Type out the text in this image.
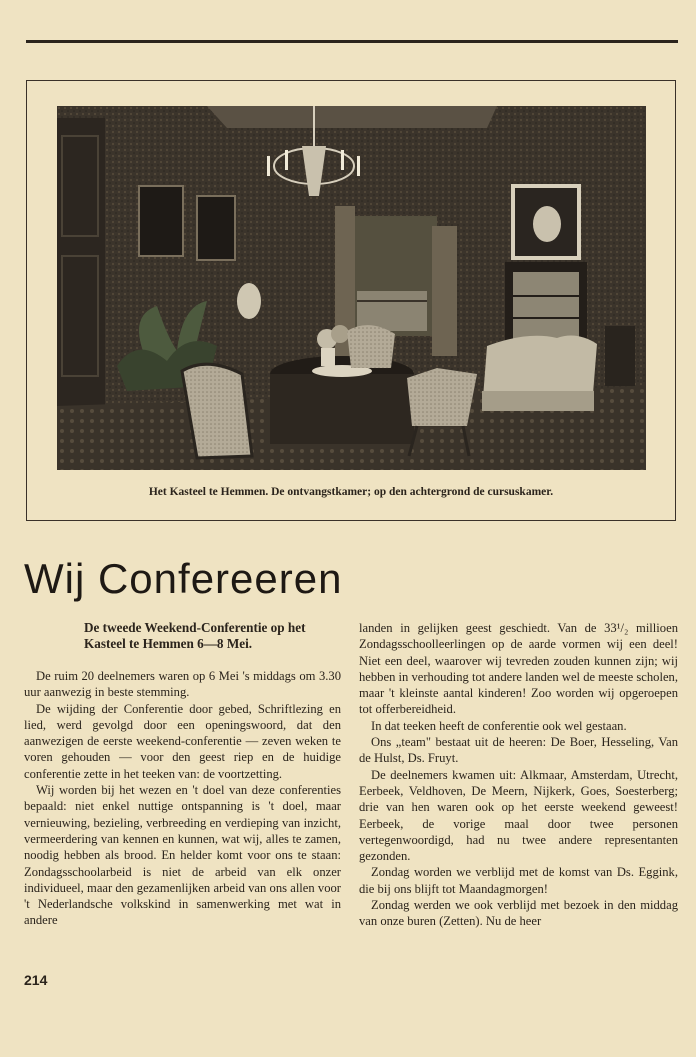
Het Kasteel te Hemmen. De ontvangstkamer; op den achtergrond de cursuskamer.
Wij Confereeren
De tweede Weekend-Conferentie op het Kasteel te Hemmen 6—8 Mei.

De ruim 20 deelnemers waren op 6 Mei 's middags om 3.30 uur aanwezig in beste stemming.

De wijding der Conferentie door gebed, Schriftlezing en lied, werd gevolgd door een openingswoord, dat den aanwezigen de eerste weekend-conferentie — zeven weken te voren gehouden — voor den geest riep en de huidige conferentie zette in het teeken van: de voortzetting.

Wij worden bij het wezen en 't doel van deze conferenties bepaald: niet enkel nuttige ontspanning is 't doel, maar vernieuwing, bezieling, verbreeding en verdieping van inzicht, vermeerdering van kennen en kunnen, wat wij, alles te zamen, noodig hebben als brood. En helder komt voor ons te staan: Zondagsschoolarbeid is niet de arbeid van elk onzer individueel, maar den gezamenlijken arbeid van ons allen voor 't Nederlandsche volkskind in samenwerking met wat in andere

landen in gelijken geest geschiedt. Van de 33¹/₂ millioen Zondagsschoolleerlingen op de aarde vormen wij een deel! Niet een deel, waarover wij tevreden zouden kunnen zijn; wij hebben in verhouding tot andere landen wel de meeste scholen, maar 't kleinste aantal kinderen! Zoo worden wij opgeroepen tot offerbereidheid.

In dat teeken heeft de conferentie ook wel gestaan.

Ons „team" bestaat uit de heeren: De Boer, Hesseling, Van de Hulst, Ds. Fruyt.

De deelnemers kwamen uit: Alkmaar, Amsterdam, Utrecht, Eerbeek, Veldhoven, De Meern, Nijkerk, Goes, Soesterberg; drie van hen waren ook op het eerste weekend geweest! Eerbeek, de vorige maal door twee personen vertegenwoordigd, had nu twee andere representanten gezonden.

Zondag worden we verblijd met de komst van Ds. Eggink, die bij ons blijft tot Maandagmorgen!

Zondag werden we ook verblijd met bezoek in den middag van onze buren (Zetten). Nu de heer

214
